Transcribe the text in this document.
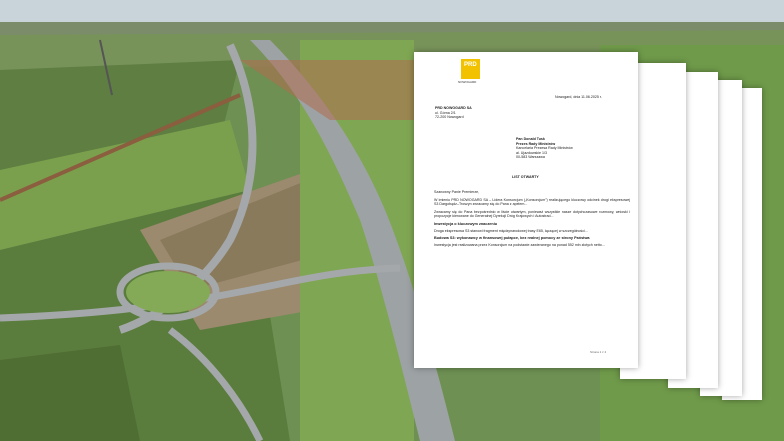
PRD
NOWOGARD
Nowogard, dnia 11.06.2025 r.
PRD NOWOGARD SA
ul. Górna 2/1
72-200 Nowogard
Pan Donald Tusk
Prezes Rady Ministrów
Kancelaria Prezesa Rady Ministrów
al. Ujazdowskie 1/3
00-583 Warszawa
LIST OTWARTY

Szanowny Panie Premierze,

W imieniu PRD NOWOGARD SA – Lidera Konsorcjum („Konsorcjum”) realizującego kluczowy odcinek drogi ekspresowej S3 Dargobądz–Troszyn zwracamy się do Pana z apelem...

Zwracamy się do Pana bezpośrednio w liście otwartym, ponieważ wszystkie nasze dotychczasowe rozmowy, wnioski i propozycje kierowane do Generalnej Dyrekcji Dróg Krajowych i Autostrad...

Inwestycja o kluczowym znaczeniu

Droga ekspresowa S3 stanowi fragment międzynarodowej trasy E65, łączącej w szczególności...

Budowa S3: wykonawcy w finansowej pułapce, bez realnej pomocy ze strony Państwa

Inwestycja jest realizowana przez Konsorcjum na podstawie zawieranego na ponad 552 mln złotych netto...

Strona 1 z 4
